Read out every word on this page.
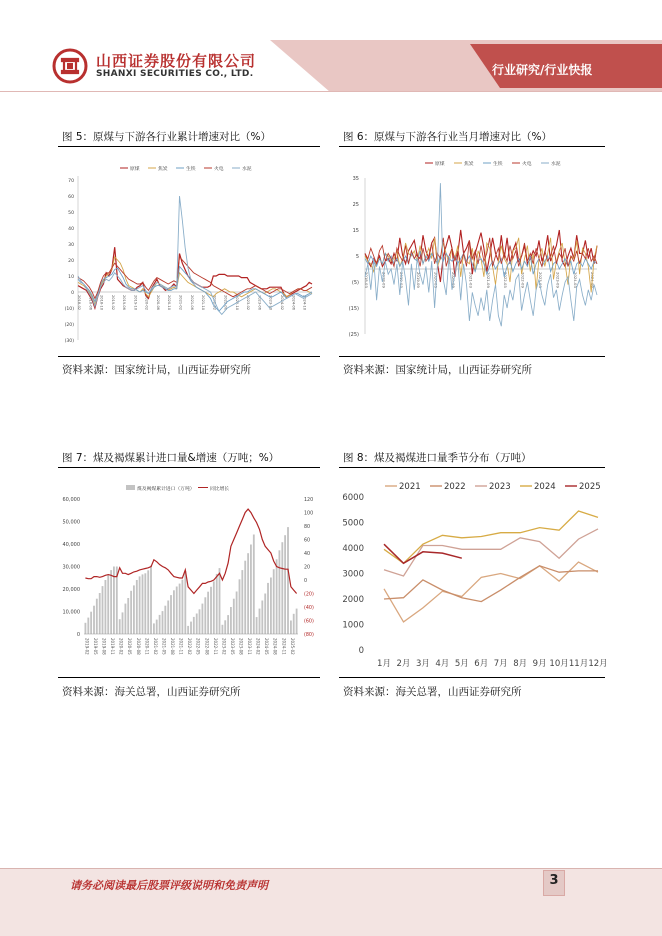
山西证券股份有限公司
SHANXI SECURITIES CO., LTD.	行业研究/行业快报
图 5：原煤与下游各行业累计增速对比（%）	图 6：原煤与下游各行业当月增速对比（%）
图 7：煤及褐煤累计进口量&增速（万吨；%）	图 8：煤及褐煤进口量季节分布（万吨）
70
60
50
40
30
20
10
0
(10)
(20)
(30)
2018-02 2018-06 2018-10 2019-02 2019-06 2019-10 2020-02 2020-06 2020-10 2021-02 2021-06 2021-10 2022-02 2022-06 2022-10 2023-02 2023-06 2023-10 2024-02 2024-06 2024-10
原煤	焦炭	生铁	火电	水泥
35
25
15
5
(5)
(15)
(25)
2018-03	2018-09	2019-03	2019-09	2020-03	2020-09	2021-03	2021-09	2022-03	2022-09	2023-03	2023-09	2024-03	2024-09
原煤	焦炭	生铁	火电	水泥
60,000
50,000
40,000
30,000
20,000
10,000
0
120
100
80
60
40
20
0
(20)
(40)
(60)
(80)
2019-02 2019-05 2019-08 2019-11 2020-02 2020-05 2020-08 2020-11 2021-02 2021-05 2021-08 2021-11 2022-02 2022-05 2022-08 2022-11 2023-02 2023-05 2023-08 2023-11 2024-02 2024-05 2024-08 2024-11 2025-02
煤及褐煤累计进口（万吨）	同比增长
6000
5000
4000
3000
2000
1000
0
1月 2月 3月 4月 5月 6月 7月 8月 9月 10月 11月 12月
2021	2022	2023	2024	2025
资料来源：国家统计局，山西证券研究所	资料来源：国家统计局，山西证券研究所
资料来源：海关总署，山西证券研究所	资料来源：海关总署，山西证券研究所
请务必阅读最后股票评级说明和免责声明	3
